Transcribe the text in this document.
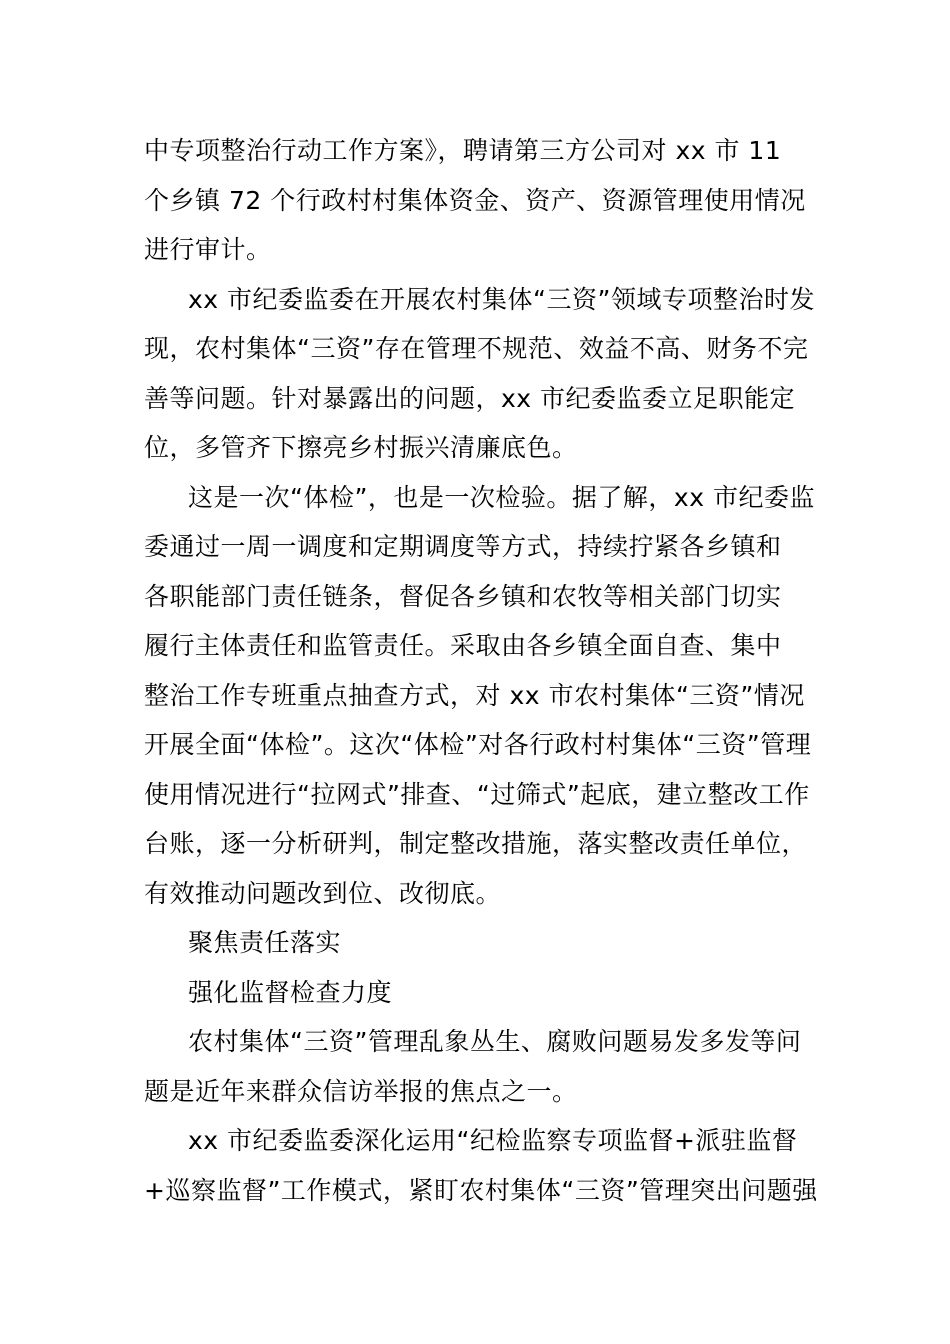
中专项整治行动工作方案》，聘请第三方公司对 xx 市 11
个乡镇 72 个行政村村集体资金、资产、资源管理使用情况
进行审计。

xx 市纪委监委在开展农村集体“三资”领域专项整治时发
现，农村集体“三资”存在管理不规范、效益不高、财务不完
善等问题。针对暴露出的问题，xx 市纪委监委立足职能定
位，多管齐下擦亮乡村振兴清廉底色。

这是一次“体检”，也是一次检验。据了解，xx 市纪委监
委通过一周一调度和定期调度等方式，持续拧紧各乡镇和
各职能部门责任链条，督促各乡镇和农牧等相关部门切实
履行主体责任和监管责任。采取由各乡镇全面自查、集中
整治工作专班重点抽查方式，对 xx 市农村集体“三资”情况
开展全面“体检”。这次“体检”对各行政村村集体“三资”管理
使用情况进行“拉网式”排查、“过筛式”起底，建立整改工作
台账，逐一分析研判，制定整改措施，落实整改责任单位，
有效推动问题改到位、改彻底。

聚焦责任落实

强化监督检查力度

农村集体“三资”管理乱象丛生、腐败问题易发多发等问
题是近年来群众信访举报的焦点之一。

xx 市纪委监委深化运用“纪检监察专项监督+派驻监督
+巡察监督”工作模式，紧盯农村集体“三资”管理突出问题强
